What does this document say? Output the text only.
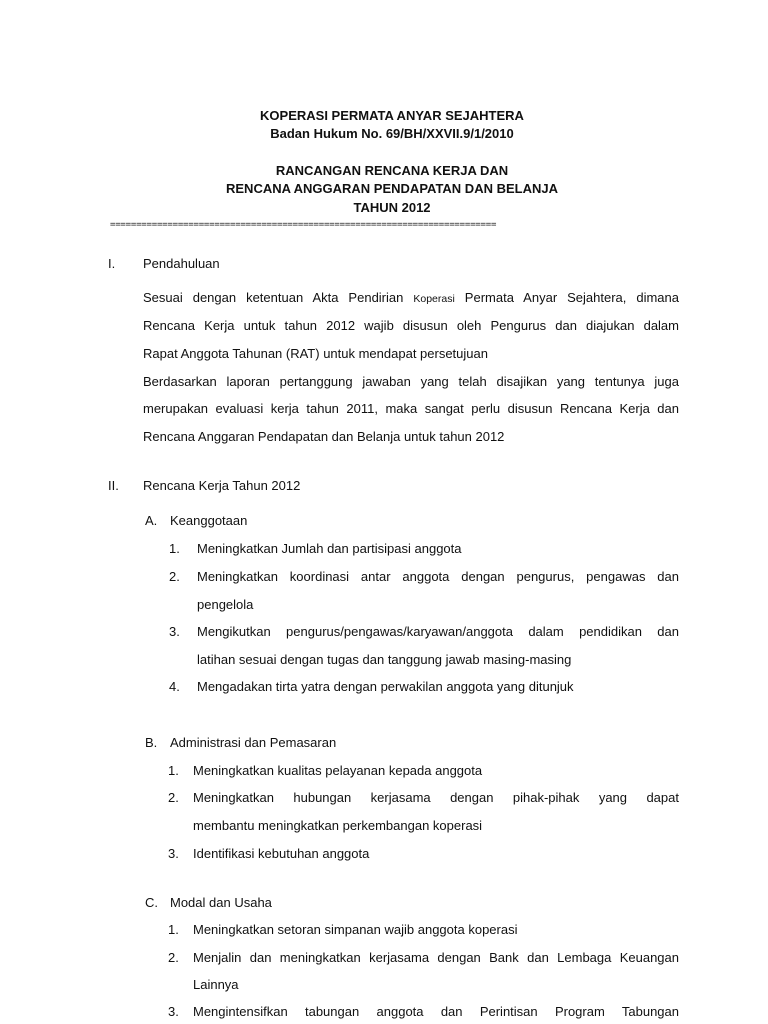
KOPERASI PERMATA ANYAR SEJAHTERA
Badan Hukum No. 69/BH/XXVII.9/1/2010
RANCANGAN RENCANA KERJA DAN
RENCANA ANGGARAN PENDAPATAN DAN BELANJA
TAHUN 2012
==========================================================================
I. Pendahuluan
Sesuai dengan ketentuan Akta Pendirian Koperasi Permata Anyar Sejahtera, dimana
Rencana Kerja untuk tahun 2012 wajib disusun oleh Pengurus dan diajukan dalam
Rapat Anggota Tahunan (RAT) untuk mendapat persetujuan
Berdasarkan laporan pertanggung jawaban yang telah disajikan yang tentunya juga
merupakan evaluasi kerja tahun 2011, maka sangat perlu disusun Rencana Kerja dan
Rencana Anggaran Pendapatan dan Belanja untuk tahun 2012
II. Rencana Kerja Tahun 2012
A. Keanggotaan
1. Meningkatkan Jumlah dan partisipasi anggota
2. Meningkatkan koordinasi antar anggota dengan pengurus, pengawas dan
pengelola
3. Mengikutkan pengurus/pengawas/karyawan/anggota dalam pendidikan dan
latihan sesuai dengan tugas dan tanggung jawab masing-masing
4. Mengadakan tirta yatra dengan perwakilan anggota yang ditunjuk
B. Administrasi dan Pemasaran
1. Meningkatkan kualitas pelayanan kepada anggota
2. Meningkatkan hubungan kerjasama dengan pihak-pihak yang dapat
membantu meningkatkan perkembangan koperasi
3. Identifikasi kebutuhan anggota
C. Modal dan Usaha
1. Meningkatkan setoran simpanan wajib anggota koperasi
2. Menjalin dan meningkatkan kerjasama dengan Bank dan Lembaga Keuangan
Lainnya
3. Mengintensifkan tabungan anggota dan Perintisan Program Tabungan
